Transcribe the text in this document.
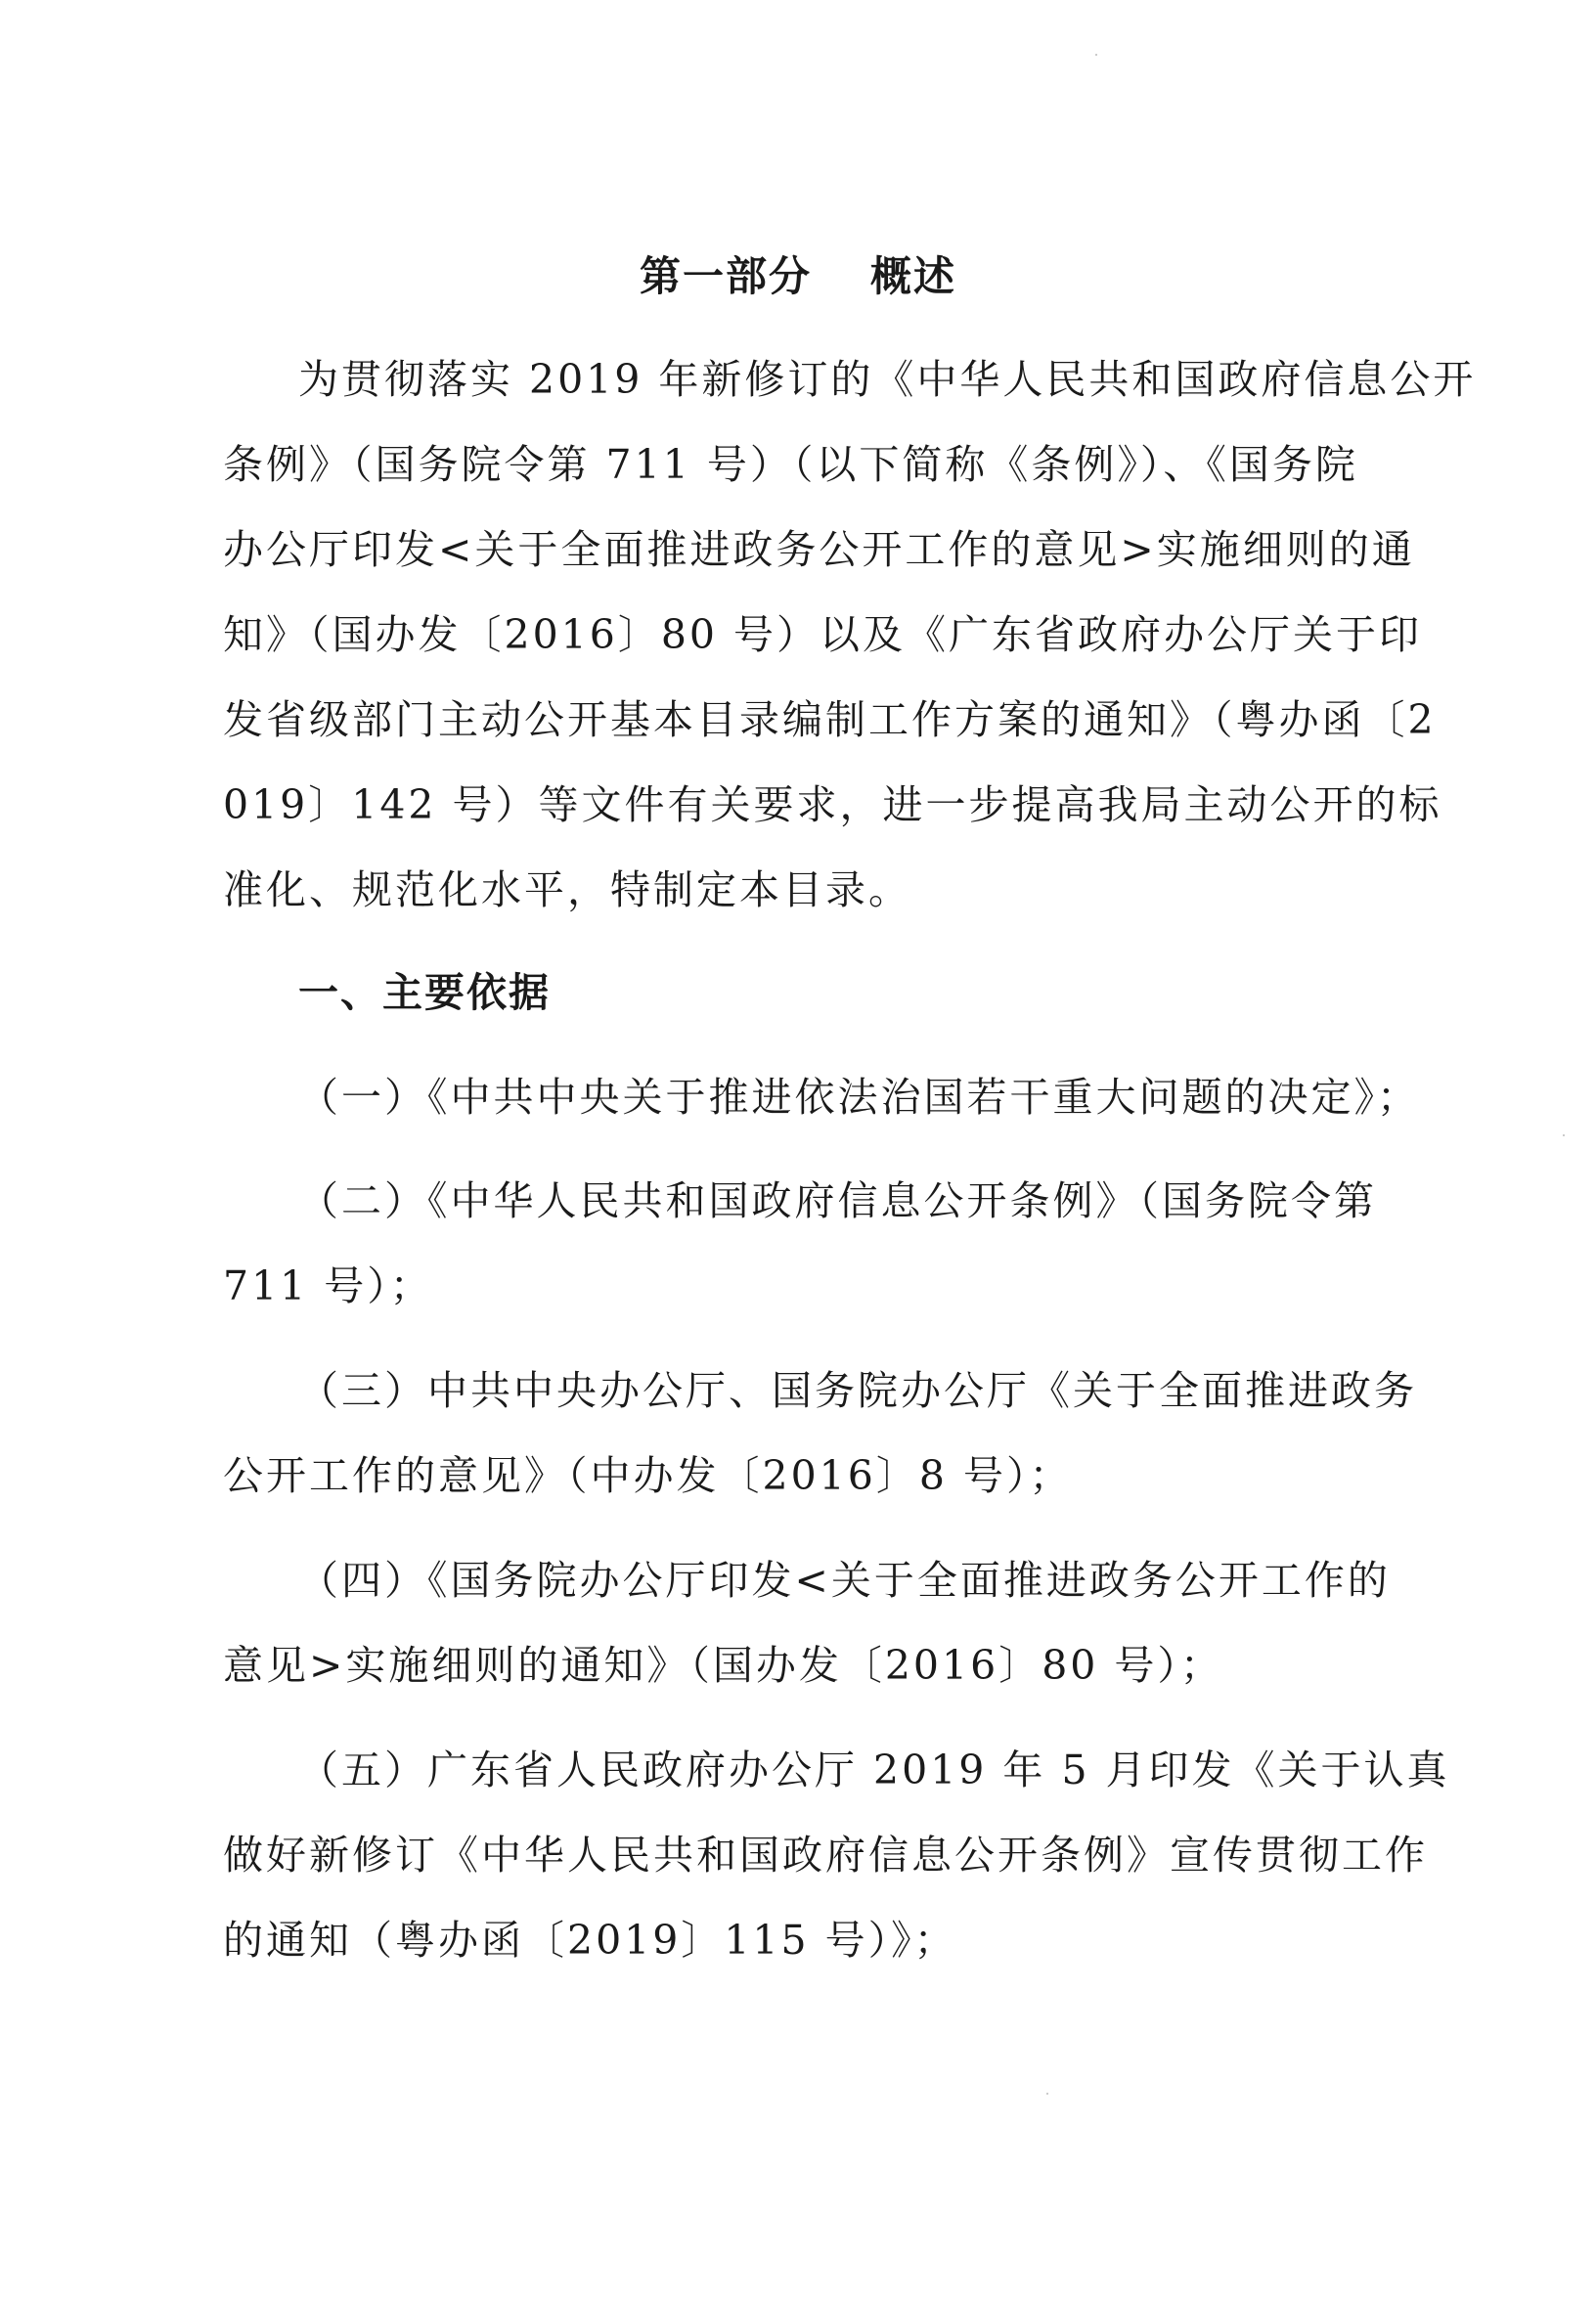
第一部分 概述
为贯彻落实 2019 年新修订的《中华人民共和国政府信息公开
条例》（国务院令第 711 号）（以下简称《条例》）、《国务院
办公厅印发<关于全面推进政务公开工作的意见>实施细则的通
知》（国办发〔2016〕80 号）以及《广东省政府办公厅关于印
发省级部门主动公开基本目录编制工作方案的通知》（粤办函〔2
019〕142 号）等文件有关要求，进一步提高我局主动公开的标
准化、规范化水平，特制定本目录。
一、主要依据
（一）《中共中央关于推进依法治国若干重大问题的决定》；
（二）《中华人民共和国政府信息公开条例》（国务院令第
711 号）；
（三）中共中央办公厅、国务院办公厅《关于全面推进政务
公开工作的意见》（中办发〔2016〕8 号）；
（四）《国务院办公厅印发<关于全面推进政务公开工作的
意见>实施细则的通知》（国办发〔2016〕80 号）；
（五）广东省人民政府办公厅 2019 年 5 月印发《关于认真
做好新修订《中华人民共和国政府信息公开条例》宣传贯彻工作
的通知（粤办函〔2019〕115 号）》；
